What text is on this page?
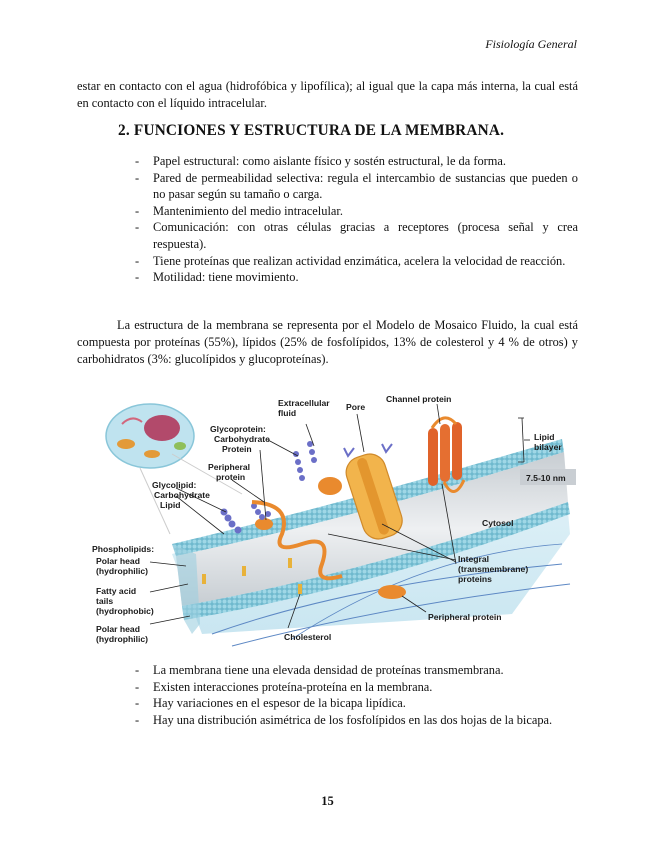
Fisiología General

estar en contacto con el agua (hidrofóbica y lipofílica); al igual que la capa más interna, la cual está en contacto con el líquido intracelular.

2. FUNCIONES Y ESTRUCTURA DE LA MEMBRANA.
- Papel estructural: como aislante físico y sostén estructural, le da forma.
- Pared de permeabilidad selectiva: regula el intercambio de sustancias que pueden o no pasar según su tamaño o carga.
- Mantenimiento del medio intracelular.
- Comunicación: con otras células gracias a receptores (procesa señal y crea respuesta).
- Tiene proteínas que realizan actividad enzimática, acelera la velocidad de reacción.
- Motilidad: tiene movimiento.

La estructura de la membrana se representa por el Modelo de Mosaico Fluido, la cual está compuesta por proteínas (55%), lípidos (25% de fosfolípidos, 13% de colesterol y 4 % de otros) y carbohidratos (3%: glucolípidos y glucoproteínas).

Extracellular
fluid
Pore
Channel protein
Lipid
bilayer
7.5-10 nm
Glycoprotein:
Carbohydrate
Protein
Peripheral
protein
Glycolipid:
Carbohydrate
Lipid
Cytosol
Phospholipids:
Polar head
(hydrophilic)
Fatty acid
tails
(hydrophobic)
Polar head
(hydrophilic)
Integral
(transmembrane)
proteins
Peripheral protein
Cholesterol
- La membrana tiene una elevada densidad de proteínas transmembrana.
- Existen interacciones proteína-proteína en la membrana.
- Hay variaciones en el espesor de la bicapa lipídica.
- Hay una distribución asimétrica de los fosfolípidos en las dos hojas de la bicapa.
15
